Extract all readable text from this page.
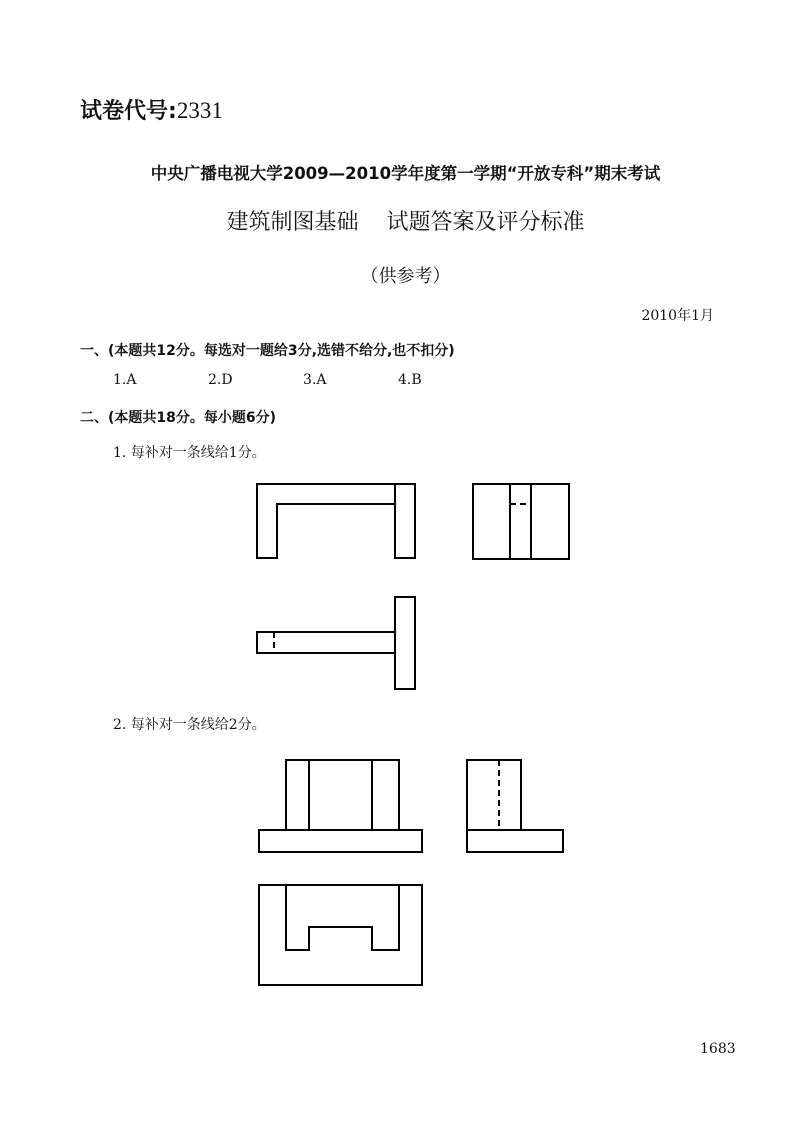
试卷代号:2331
中央广播电视大学2009—2010学年度第一学期“开放专科”期末考试
建筑制图基础 试题答案及评分标准
（供参考）
2010年1月
一、(本题共12分。每选对一题给3分,选错不给分,也不扣分)
1.A	2.D	3.A	4.B
二、(本题共18分。每小题6分)
1. 每补对一条线给1分。
2. 每补对一条线给2分。
1683
